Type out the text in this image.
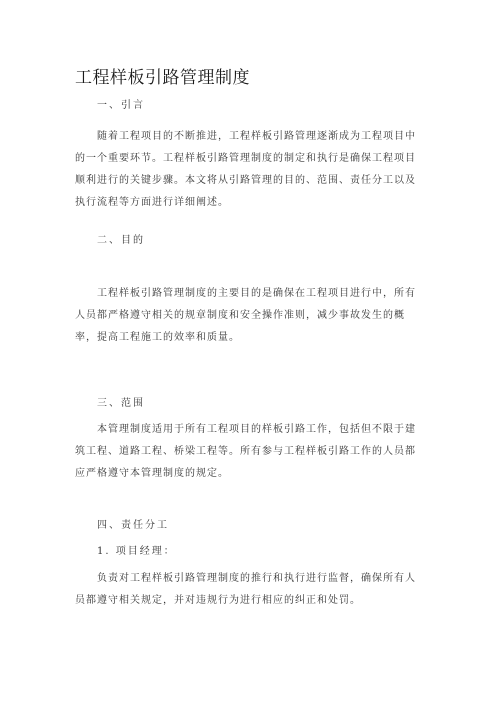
工程样板引路管理制度
一、引言
随着工程项目的不断推进，工程样板引路管理逐渐成为工程项目中的一个重要环节。工程样板引路管理制度的制定和执行是确保工程项目顺利进行的关键步骤。本文将从引路管理的目的、范围、责任分工以及执行流程等方面进行详细阐述。
二、目的
工程样板引路管理制度的主要目的是确保在工程项目进行中，所有人员都严格遵守相关的规章制度和安全操作准则，减少事故发生的概率，提高工程施工的效率和质量。
三、范围
本管理制度适用于所有工程项目的样板引路工作，包括但不限于建筑工程、道路工程、桥梁工程等。所有参与工程样板引路工作的人员都应严格遵守本管理制度的规定。
四、责任分工
1. 项目经理：
负责对工程样板引路管理制度的推行和执行进行监督，确保所有人员都遵守相关规定，并对违规行为进行相应的纠正和处罚。
